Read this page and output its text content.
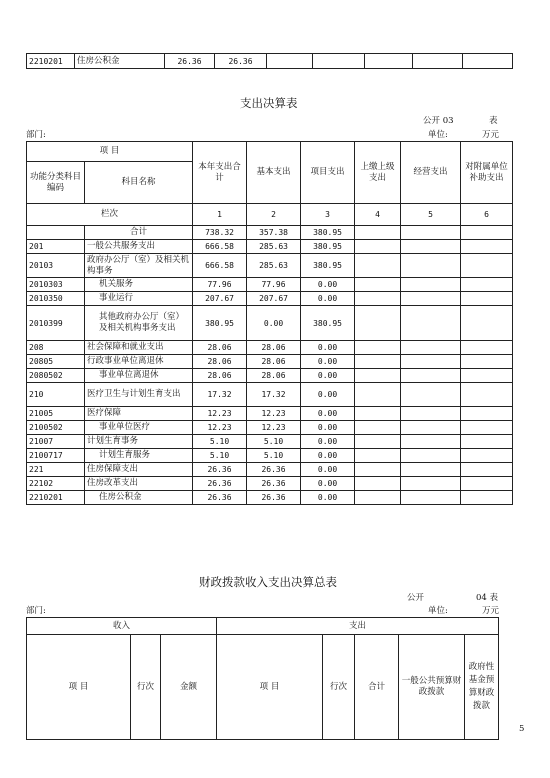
2210201	住房公积金	26.36	26.36					
支出决算表
公开 03	表
部门:	单位:	万元
项 目		本年支出合计	基本支出	项目支出	上缴上级支出	经营支出	对附属单位补助支出
功能分类科目编码	科目名称						
栏次		1	2	3	4	5	6
	合计	738.32	357.38	380.95			
201	一般公共服务支出	666.58	285.63	380.95			
20103	政府办公厅（室）及相关机构事务	666.58	285.63	380.95			
2010303	机关服务	77.96	77.96	0.00			
2010350	事业运行	207.67	207.67	0.00			
2010399	其他政府办公厅（室）及相关机构事务支出	380.95	0.00	380.95			
208	社会保障和就业支出	28.06	28.06	0.00			
20805	行政事业单位离退休	28.06	28.06	0.00			
2080502	事业单位离退休	28.06	28.06	0.00			
210	医疗卫生与计划生育支出	17.32	17.32	0.00			
21005	医疗保障	12.23	12.23	0.00			
2100502	事业单位医疗	12.23	12.23	0.00			
21007	计划生育事务	5.10	5.10	0.00			
2100717	计划生育服务	5.10	5.10	0.00			
221	住房保障支出	26.36	26.36	0.00			
22102	住房改革支出	26.36	26.36	0.00			
2210201	住房公积金	26.36	26.36	0.00			
财政拨款收入支出决算总表
公开	04 表
部门:	单位:	万元
收入			支出				
项 目	行次	金额	项 目	行次	合计	一般公共预算财政拨款	政府性基金预算财政拨款
5
